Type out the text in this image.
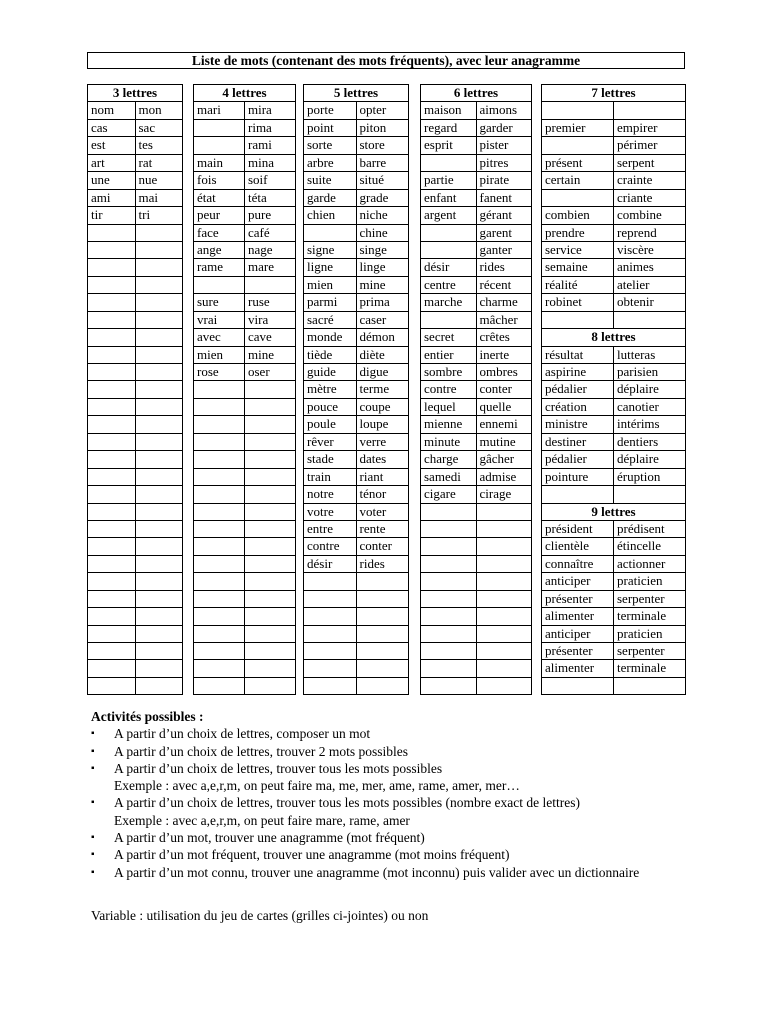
Liste de mots (contenant des mots fréquents), avec leur anagramme
3 lettres	
nom	mon
cas	sac
est	tes
art	rat
une	nue
ami	mai
tir	tri

4 lettres	
mari	mira
	rima
	rami
main	mina
fois	soif
état	téta
peur	pure
face	café
ange	nage
rame	mare

sure	ruse
vrai	vira
avec	cave
mien	mine
rose	oser

5 lettres	
porte	opter
point	piton
sorte	store
arbre	barre
suite	situé
garde	grade
chien	niche
	chine
signe	singe
ligne	linge
mien	mine
parmi	prima
sacré	caser
monde	démon
tiède	diète
guide	digue
mètre	terme
pouce	coupe
poule	loupe
rêver	verre
stade	dates
train	riant
notre	ténor
votre	voter
entre	rente
contre	conter
désir	rides

6 lettres	
maison	aimons
regard	garder
esprit	pister
	pitres
partie	pirate
enfant	fanent
argent	gérant
	garent
	ganter
désir	rides
centre	récent
marche	charme
	mâcher
secret	crêtes
entier	inerte
sombre	ombres
contre	conter
lequel	quelle
mienne	ennemi
minute	mutine
charge	gâcher
samedi	admise
cigare	cirage

7 lettres	

premier	empirer
	périmer
présent	serpent
certain	crainte
	criante
combien	combine
prendre	reprend
service	viscère
semaine	animes
réalité	atelier
robinet	obtenir

8 lettres	
résultat	lutteras
aspirine	parisien
pédalier	déplaire
création	canotier
ministre	intérims
destiner	dentiers
pédalier	déplaire
pointure	éruption

9 lettres	
président	prédisent
clientèle	étincelle
connaître	actionner
anticiper	praticien
présenter	serpenter
alimenter	terminale
anticiper	praticien
présenter	serpenter
alimenter	terminale

Activités possibles :
▪ A partir d’un choix de lettres, composer un mot
▪ A partir d’un choix de lettres, trouver 2 mots possibles
▪ A partir d’un choix de lettres, trouver tous les mots possibles
Exemple : avec a,e,r,m, on peut faire ma, me, mer, ame, rame, amer, mer…
▪ A partir d’un choix de lettres, trouver tous les mots possibles (nombre exact de lettres)
Exemple : avec a,e,r,m, on peut faire mare, rame, amer
▪ A partir d’un mot, trouver une anagramme (mot fréquent)
▪ A partir d’un mot fréquent, trouver une anagramme (mot moins fréquent)
▪ A partir d’un mot connu, trouver une anagramme (mot inconnu) puis valider avec un dictionnaire
Variable : utilisation du jeu de cartes (grilles ci-jointes) ou non
